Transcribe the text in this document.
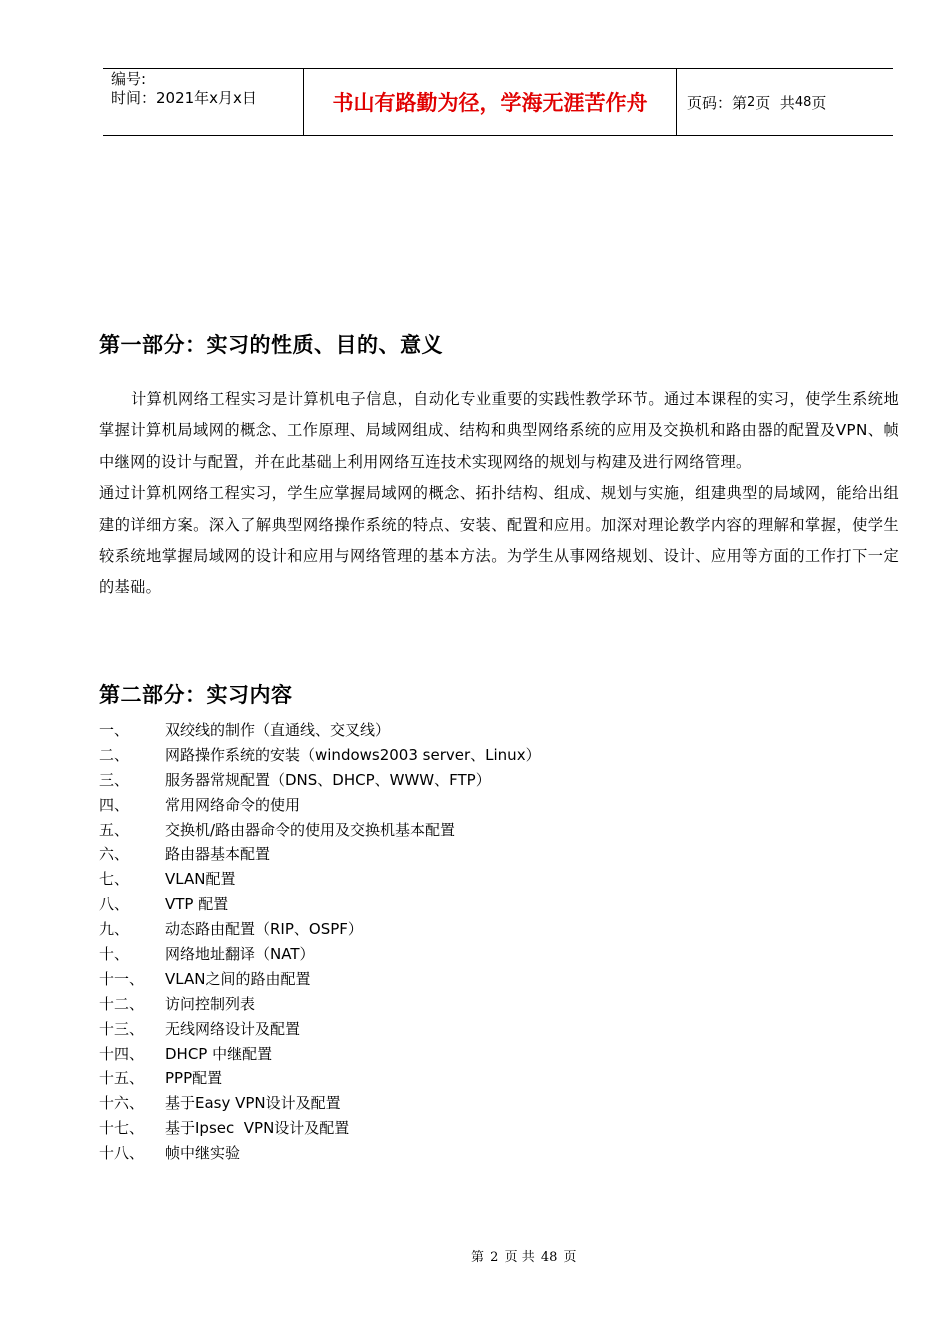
编号:
时间：2021年x月x日	书山有路勤为径，学海无涯苦作舟	页码：第 2 页  共 48 页
第一部分：实习的性质、目的、意义

计算机网络工程实习是计算机电子信息，自动化专业重要的实践性教学环节。通过本课程的实习，使学生系统地掌握计算机局域网的概念、工作原理、局域网组成、结构和典型网络系统的应用及交换机和路由器的配置及VPN、帧中继网的设计与配置，并在此基础上利用网络互连技术实现网络的规划与构建及进行网络管理。

通过计算机网络工程实习，学生应掌握局域网的概念、拓扑结构、组成、规划与实施，组建典型的局域网，能给出组建的详细方案。深入了解典型网络操作系统的特点、安装、配置和应用。加深对理论教学内容的理解和掌握，使学生较系统地掌握局域网的设计和应用与网络管理的基本方法。为学生从事网络规划、设计、应用等方面的工作打下一定的基础。

第二部分：实习内容
一、	双绞线的制作（直通线、交叉线）
二、	网路操作系统的安装（windows2003 server、Linux）
三、	服务器常规配置（DNS、DHCP、WWW、FTP）
四、	常用网络命令的使用
五、	交换机/路由器命令的使用及交换机基本配置
六、	路由器基本配置
七、	VLAN配置
八、	VTP 配置
九、	动态路由配置（RIP、OSPF）
十、	网络地址翻译（NAT）
十一、	VLAN之间的路由配置
十二、	访问控制列表
十三、	无线网络设计及配置
十四、	DHCP 中继配置
十五、	PPP配置
十六、	基于Easy VPN设计及配置
十七、	基于Ipsec  VPN设计及配置
十八、	帧中继实验
第 2 页 共 48 页
